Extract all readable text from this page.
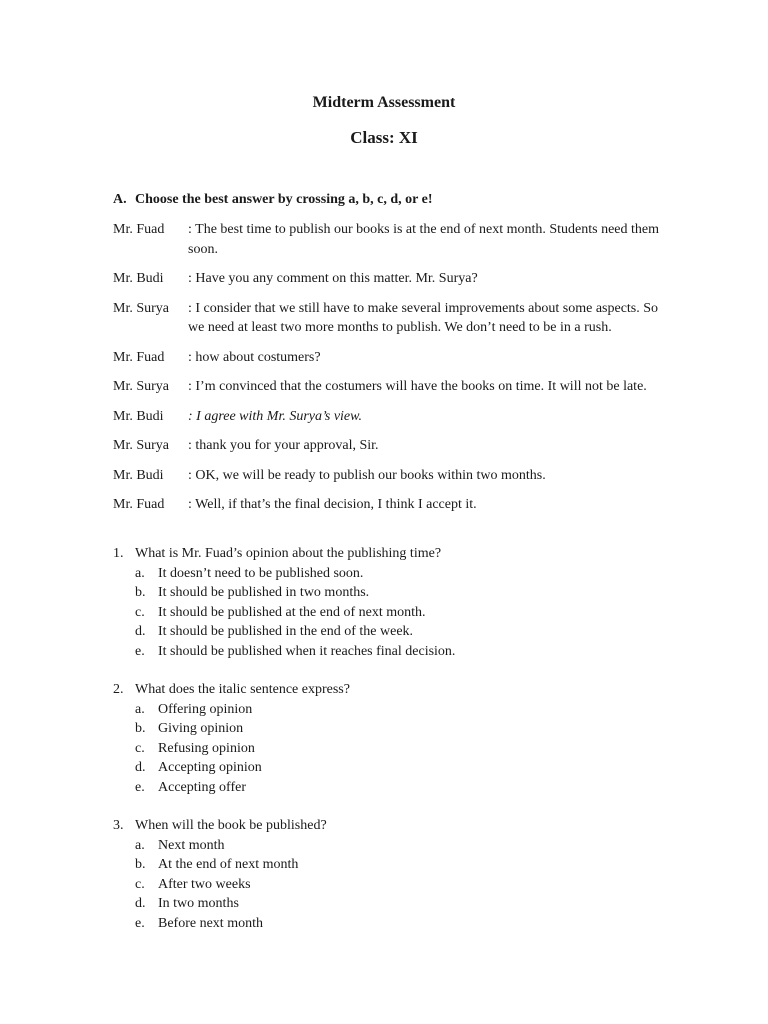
Midterm Assessment
Class: XI
A. Choose the best answer by crossing a, b, c, d, or e!
Mr. Fuad	: The best time to publish our books is at the end of next month. Students need them soon.
Mr. Budi	: Have you any comment on this matter. Mr. Surya?
Mr. Surya	: I consider that we still have to make several improvements about some aspects. So we need at least two more months to publish. We don’t need to be in a rush.
Mr. Fuad	: how about costumers?
Mr. Surya	: I’m convinced that the costumers will have the books on time. It will not be late.
Mr. Budi	: I agree with Mr. Surya’s view.
Mr. Surya	: thank you for your approval, Sir.
Mr. Budi	: OK, we will be ready to publish our books within two months.
Mr. Fuad	: Well, if that’s the final decision, I think I accept it.
1. What is Mr. Fuad’s opinion about the publishing time?
a. It doesn’t need to be published soon.
b. It should be published in two months.
c. It should be published at the end of next month.
d. It should be published in the end of the week.
e. It should be published when it reaches final decision.
2. What does the italic sentence express?
a. Offering opinion
b. Giving opinion
c. Refusing opinion
d. Accepting opinion
e. Accepting offer
3. When will the book be published?
a. Next month
b. At the end of next month
c. After two weeks
d. In two months
e. Before next month
